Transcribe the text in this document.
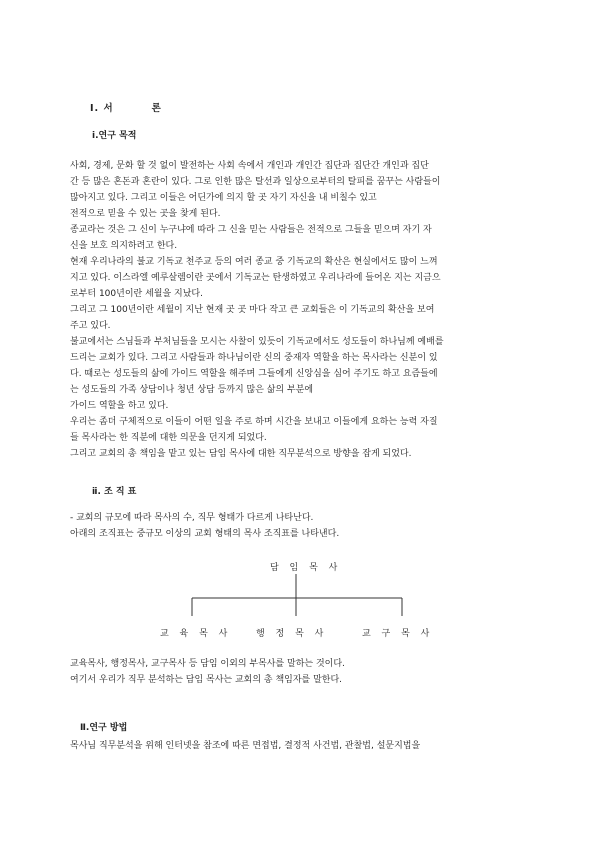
Ⅰ. 서	론
ⅰ.연구 목적
사회, 경제, 문화 할 것 없이 발전하는 사회 속에서 개인과 개인간 집단과 집단간 개인과 집단
간 등 많은 혼돈과 혼란이 있다. 그로 인한 많은 탈선과 일상으로부터의 탈피를 꿈꾸는 사람들이
많아지고 있다. 그리고 이들은 어딘가에 의지 할 곳 자기 자신을 내 비칠수 있고
전적으로 믿을 수 있는 곳을 찾게 된다.
종교라는 것은 그 신이 누구냐에 따라 그 신을 믿는 사람들은 전적으로 그들을 믿으며 자기 자
신을 보호 의지하려고 한다.
현재 우리나라의 불교 기독교 천주교 등의 여러 종교 중 기독교의 확산은 현실에서도 많이 느껴
지고 있다. 이스라엘 예루살렘이란 곳에서 기독교는 탄생하였고 우리나라에 들어온 지는 지금으
로부터 100년이란 세월을 지났다.
그리고 그 100년이란 세월이 지난 현재 곳 곳 마다 작고 큰 교회들은 이 기독교의 확산을 보여
주고 있다.
불교에서는 스님들과 부처님들을 모시는 사찰이 있듯이 기독교에서도 성도들이 하나님께 예배를
드리는 교회가 있다. 그리고 사람들과 하나님이란 신의 중재자 역할을 하는 목사라는 신분이 있
다. 때로는 성도들의 삶에 가이드 역할을 해주며 그들에게 신앙심을 심어 주기도 하고 요즘들에
는 성도들의 가족 상담이나 청년 상담 등까지 많은 삶의 부분에
가이드 역할을 하고 있다.
우리는 좀더 구체적으로 이들이 어떤 일을 주로 하며 시간을 보내고 이들에게 요하는 능력 자질
들 목사라는 한 직분에 대한 의문을 던지게 되었다.
그리고 교회의 총 책임을 맡고 있는 담임 목사에 대한 직무분석으로 방향을 잡게 되었다.
ⅱ. 조 직 표
- 교회의 규모에 따라 목사의 수, 직무 형태가 다르게 나타난다.
아래의 조직표는 중규모 이상의 교회 형태의 목사 조직표를 나타낸다.
담 임 목 사
교 육 목 사	행 정 목 사	교 구 목 사
교육목사, 행정목사, 교구목사 등 담임 이외의 부목사를 말하는 것이다.
여기서 우리가 직무 분석하는 담임 목사는 교회의 총 책임자를 말한다.
Ⅱ.연구 방법
목사님 직무분석을 위해 인터넷을 참조에 따른 면접법, 결정적 사건법, 관찰법, 설문지법을
